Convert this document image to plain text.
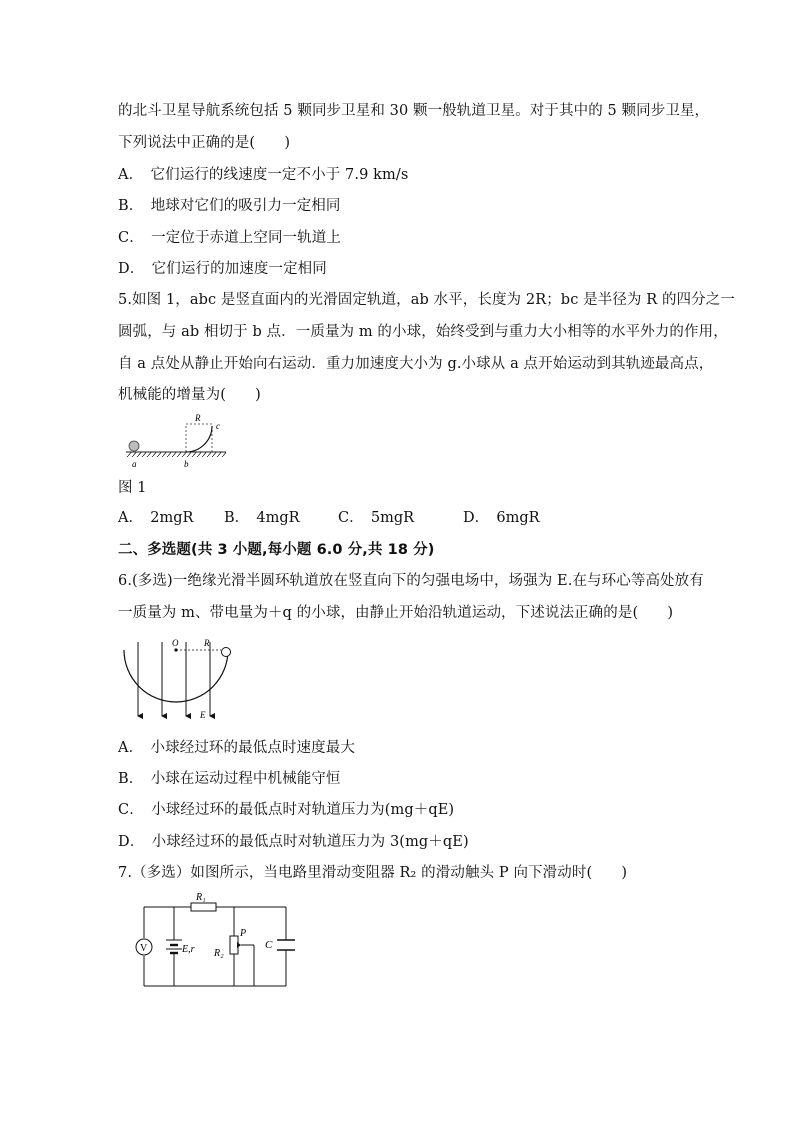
的北斗卫星导航系统包括 5 颗同步卫星和 30 颗一般轨道卫星。对于其中的 5 颗同步卫星，
下列说法中正确的是(　　)
A．　它们运行的线速度一定不小于 7.9 km/s
B．　地球对它们的吸引力一定相同
C．　一定位于赤道上空同一轨道上
D．　它们运行的加速度一定相同
5.如图 1，abc 是竖直面内的光滑固定轨道，ab 水平，长度为 2R；bc 是半径为 R 的四分之一
圆弧，与 ab 相切于 b 点．一质量为 m 的小球，始终受到与重力大小相等的水平外力的作用，
自 a 点处从静止开始向右运动．重力加速度大小为 g.小球从 a 点开始运动到其轨迹最高点，
机械能的增量为(　　)
R
c
a	b
图 1
A．　2mgR B．　4mgR	C．　5mgR	D．　6mgR
二、多选题(共 3 小题,每小题 6.0 分,共 18 分)
6.(多选)一绝缘光滑半圆环轨道放在竖直向下的匀强电场中，场强为 E.在与环心等高处放有
一质量为 m、带电量为＋q 的小球，由静止开始沿轨道运动，下述说法正确的是(　　)
O	R
E
A．　小球经过环的最低点时速度最大
B．　小球在运动过程中机械能守恒
C．　小球经过环的最低点时对轨道压力为(mg＋qE)
D．　小球经过环的最低点时对轨道压力为 3(mg＋qE)
7.（多选）如图所示，当电路里滑动变阻器 R₂ 的滑动触头 P 向下滑动时(　　)
V
R₁
R₂
P
C
E,r
